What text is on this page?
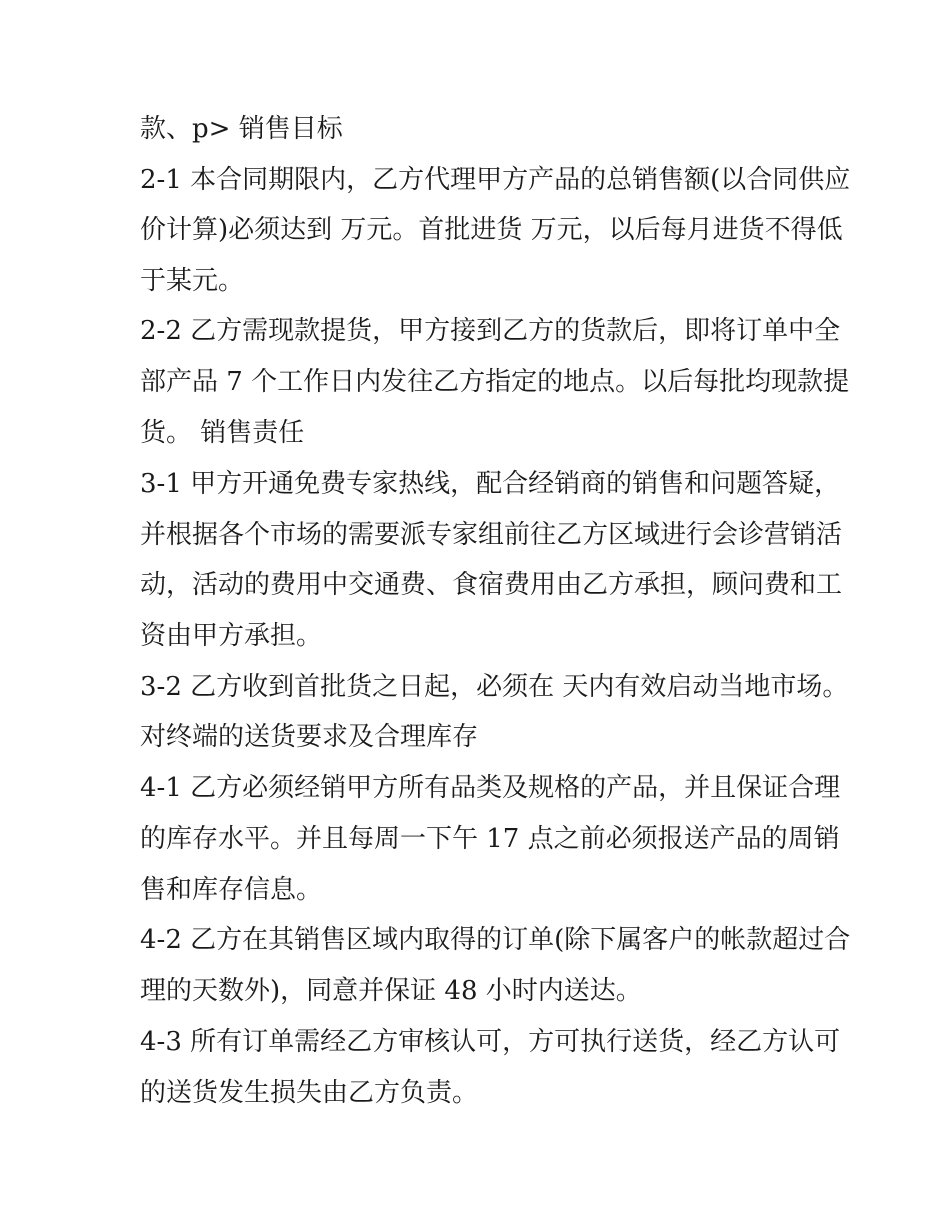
款、p> 销售目标

2-1 本合同期限内，乙方代理甲方产品的总销售额(以合同供应

价计算)必须达到 万元。首批进货 万元，以后每月进货不得低

于某元。

2-2 乙方需现款提货，甲方接到乙方的货款后，即将订单中全

部产品 7 个工作日内发往乙方指定的地点。以后每批均现款提

货。 销售责任

3-1 甲方开通免费专家热线，配合经销商的销售和问题答疑，

并根据各个市场的需要派专家组前往乙方区域进行会诊营销活

动，活动的费用中交通费、食宿费用由乙方承担，顾问费和工

资由甲方承担。

3-2 乙方收到首批货之日起，必须在 天内有效启动当地市场。

对终端的送货要求及合理库存

4-1 乙方必须经销甲方所有品类及规格的产品，并且保证合理

的库存水平。并且每周一下午 17 点之前必须报送产品的周销

售和库存信息。

4-2 乙方在其销售区域内取得的订单(除下属客户的帐款超过合

理的天数外)，同意并保证 48 小时内送达。

4-3 所有订单需经乙方审核认可，方可执行送货，经乙方认可

的送货发生损失由乙方负责。
